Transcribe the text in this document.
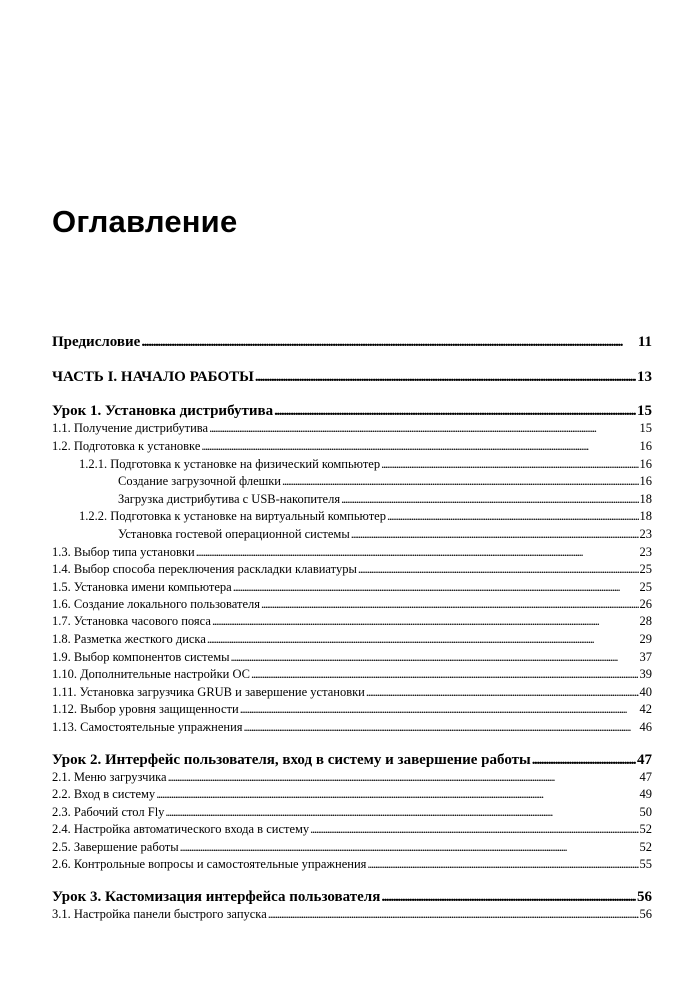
Оглавление
Предисловие . . .	11
ЧАСТЬ I. НАЧАЛО РАБОТЫ . . .	13
Урок 1. Установка дистрибутива . . .	15
1.1. Получение дистрибутива . . .	15
1.2. Подготовка к установке . . .	16
1.2.1. Подготовка к установке на физический компьютер . . .	16
Создание загрузочной флешки . . .	16
Загрузка дистрибутива с USB-накопителя . . .	18
1.2.2. Подготовка к установке на виртуальный компьютер . . .	18
Установка гостевой операционной системы . . .	23
1.3. Выбор типа установки . . .	23
1.4. Выбор способа переключения раскладки клавиатуры . . .	25
1.5. Установка имени компьютера . . .	25
1.6. Создание локального пользователя . . .	26
1.7. Установка часового пояса . . .	28
1.8. Разметка жесткого диска . . .	29
1.9. Выбор компонентов системы . . .	37
1.10. Дополнительные настройки ОС . . .	39
1.11. Установка загрузчика GRUB и завершение установки . . .	40
1.12. Выбор уровня защищенности . . .	42
1.13. Самостоятельные упражнения . . .	46
Урок 2. Интерфейс пользователя, вход в систему и завершение работы . . .	47
2.1. Меню загрузчика . . .	47
2.2. Вход в систему . . .	49
2.3. Рабочий стол Fly . . .	50
2.4. Настройка автоматического входа в систему . . .	52
2.5. Завершение работы . . .	52
2.6. Контрольные вопросы и самостоятельные упражнения . . .	55
Урок 3. Кастомизация интерфейса пользователя . . .	56
3.1. Настройка панели быстрого запуска . . .	56
